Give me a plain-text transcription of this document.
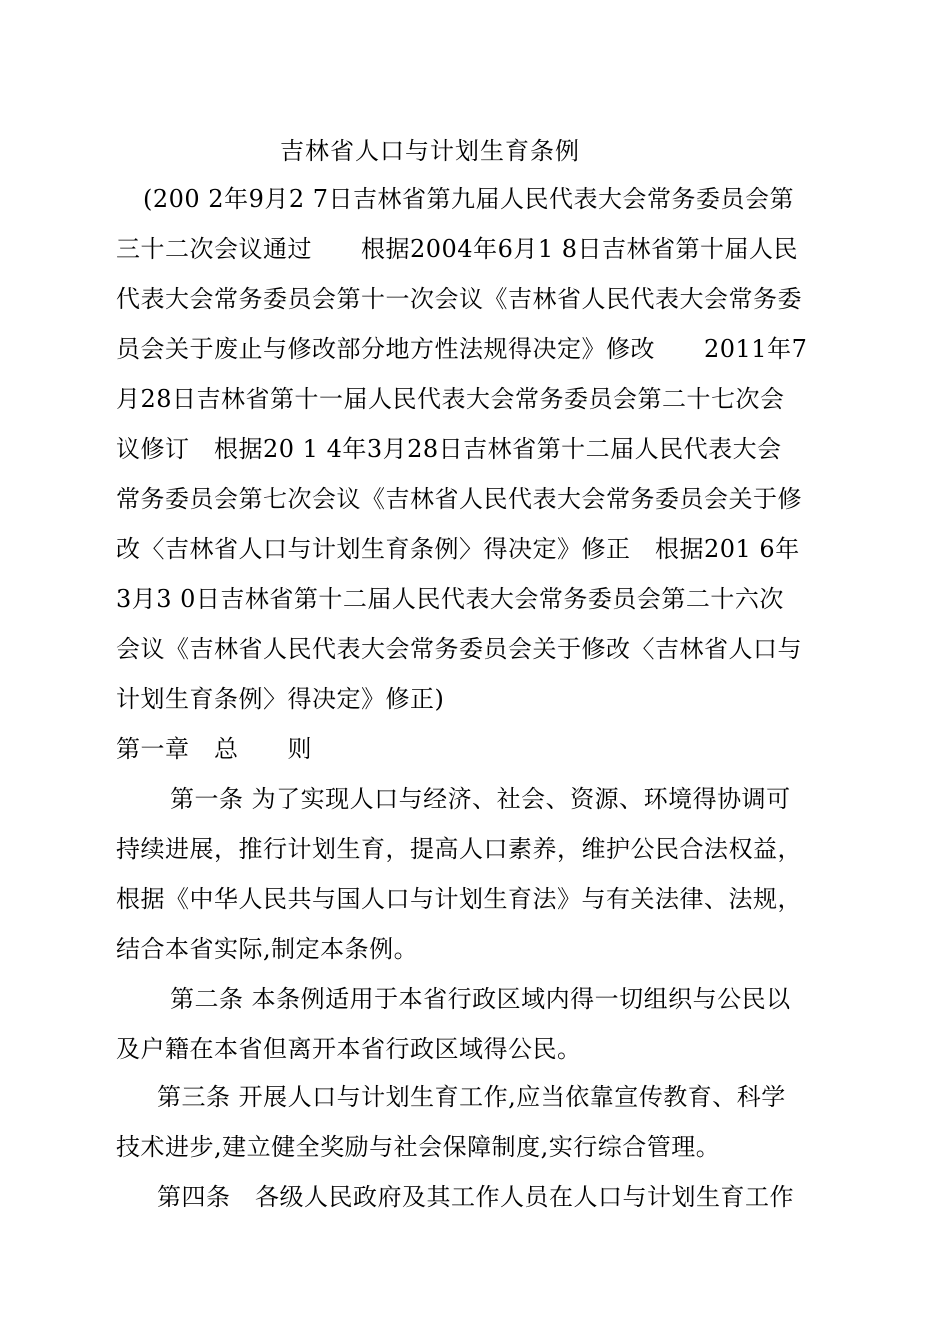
吉林省人口与计划生育条例
(200 2年9月2 7日吉林省第九届人民代表大会常务委员会第
三十二次会议通过　　根据2004年6月1 8日吉林省第十届人民
代表大会常务委员会第十一次会议《吉林省人民代表大会常务委
员会关于废止与修改部分地方性法规得决定》修改　　2011年7
月28日吉林省第十一届人民代表大会常务委员会第二十七次会
议修订　根据20 1 4年3月28日吉林省第十二届人民代表大会
常务委员会第七次会议《吉林省人民代表大会常务委员会关于修
改〈吉林省人口与计划生育条例〉得决定》修正　根据201 6年
3月3 0日吉林省第十二届人民代表大会常务委员会第二十六次
会议《吉林省人民代表大会常务委员会关于修改〈吉林省人口与
计划生育条例〉得决定》修正)
第一章　总　　则
第一条 为了实现人口与经济、社会、资源、环境得协调可
持续进展，推行计划生育，提高人口素养，维护公民合法权益，
根据《中华人民共与国人口与计划生育法》与有关法律、法规，
结合本省实际,制定本条例。
第二条 本条例适用于本省行政区域内得一切组织与公民以
及户籍在本省但离开本省行政区域得公民。
第三条 开展人口与计划生育工作,应当依靠宣传教育、科学
技术进步,建立健全奖励与社会保障制度,实行综合管理。
第四条　各级人民政府及其工作人员在人口与计划生育工作
